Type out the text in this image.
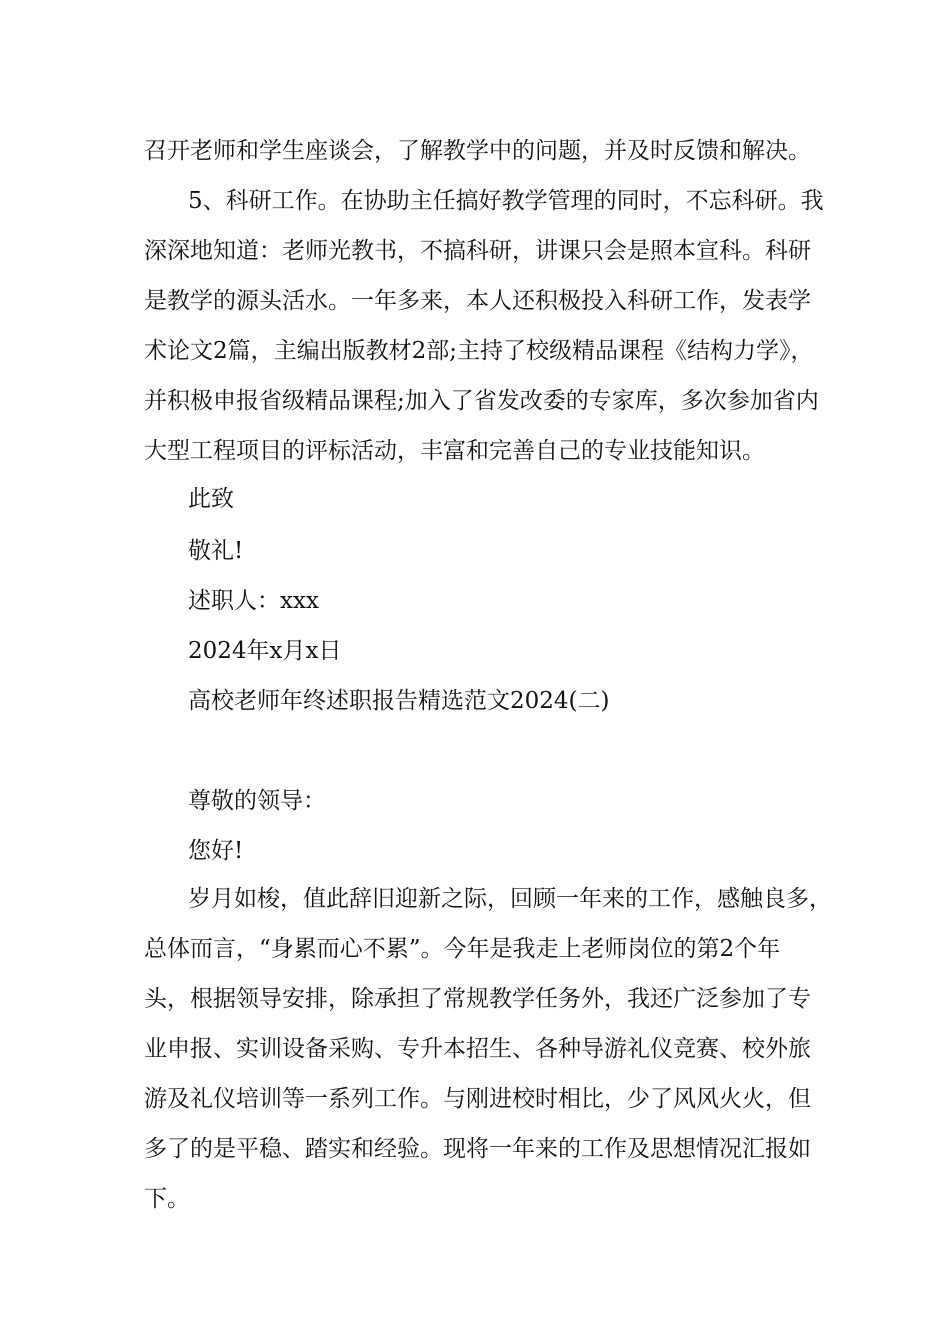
召开老师和学生座谈会，了解教学中的问题，并及时反馈和解决。

5、科研工作。在协助主任搞好教学管理的同时，不忘科研。我

深深地知道：老师光教书，不搞科研，讲课只会是照本宣科。科研

是教学的源头活水。一年多来，本人还积极投入科研工作，发表学

术论文2篇，主编出版教材2部;主持了校级精品课程《结构力学》，

并积极申报省级精品课程;加入了省发改委的专家库，多次参加省内

大型工程项目的评标活动，丰富和完善自己的专业技能知识。

此致

敬礼!

述职人：xxx

2024年x月x日

高校老师年终述职报告精选范文2024(二)

尊敬的领导：

您好!

岁月如梭，值此辞旧迎新之际，回顾一年来的工作，感触良多，

总体而言，“身累而心不累”。今年是我走上老师岗位的第2个年

头，根据领导安排，除承担了常规教学任务外，我还广泛参加了专

业申报、实训设备采购、专升本招生、各种导游礼仪竞赛、校外旅

游及礼仪培训等一系列工作。与刚进校时相比，少了风风火火，但

多了的是平稳、踏实和经验。现将一年来的工作及思想情况汇报如

下。
